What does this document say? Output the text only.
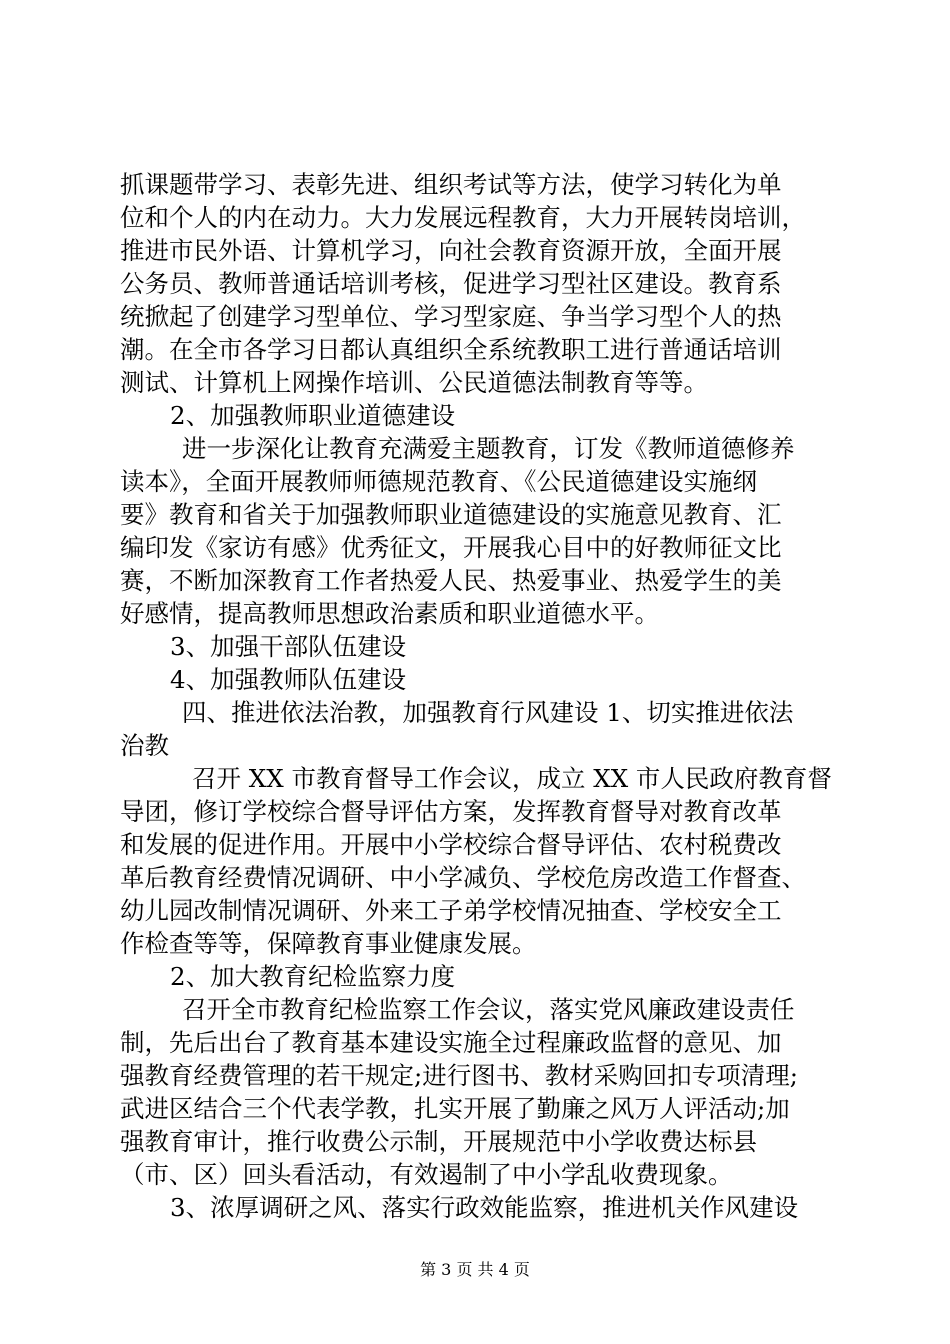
抓课题带学习、表彰先进、组织考试等方法，使学习转化为单
位和个人的内在动力。大力发展远程教育，大力开展转岗培训，
推进市民外语、计算机学习，向社会教育资源开放，全面开展
公务员、教师普通话培训考核，促进学习型社区建设。教育系
统掀起了创建学习型单位、学习型家庭、争当学习型个人的热
潮。在全市各学习日都认真组织全系统教职工进行普通话培训
测试、计算机上网操作培训、公民道德法制教育等等。
2、加强教师职业道德建设
进一步深化让教育充满爱主题教育，订发《教师道德修养
读本》，全面开展教师师德规范教育、《公民道德建设实施纲
要》教育和省关于加强教师职业道德建设的实施意见教育、汇
编印发《家访有感》优秀征文，开展我心目中的好教师征文比
赛，不断加深教育工作者热爱人民、热爱事业、热爱学生的美
好感情，提高教师思想政治素质和职业道德水平。
3、加强干部队伍建设
4、加强教师队伍建设
四、推进依法治教，加强教育行风建设 1、切实推进依法
治教
召开 XX 市教育督导工作会议，成立 XX 市人民政府教育督
导团，修订学校综合督导评估方案，发挥教育督导对教育改革
和发展的促进作用。开展中小学校综合督导评估、农村税费改
革后教育经费情况调研、中小学减负、学校危房改造工作督查、
幼儿园改制情况调研、外来工子弟学校情况抽查、学校安全工
作检查等等，保障教育事业健康发展。
2、加大教育纪检监察力度
召开全市教育纪检监察工作会议，落实党风廉政建设责任
制，先后出台了教育基本建设实施全过程廉政监督的意见、加
强教育经费管理的若干规定;进行图书、教材采购回扣专项清理;
武进区结合三个代表学教，扎实开展了勤廉之风万人评活动;加
强教育审计，推行收费公示制，开展规范中小学收费达标县
（市、区）回头看活动，有效遏制了中小学乱收费现象。
3、浓厚调研之风、落实行政效能监察，推进机关作风建设
第 3 页 共 4 页
